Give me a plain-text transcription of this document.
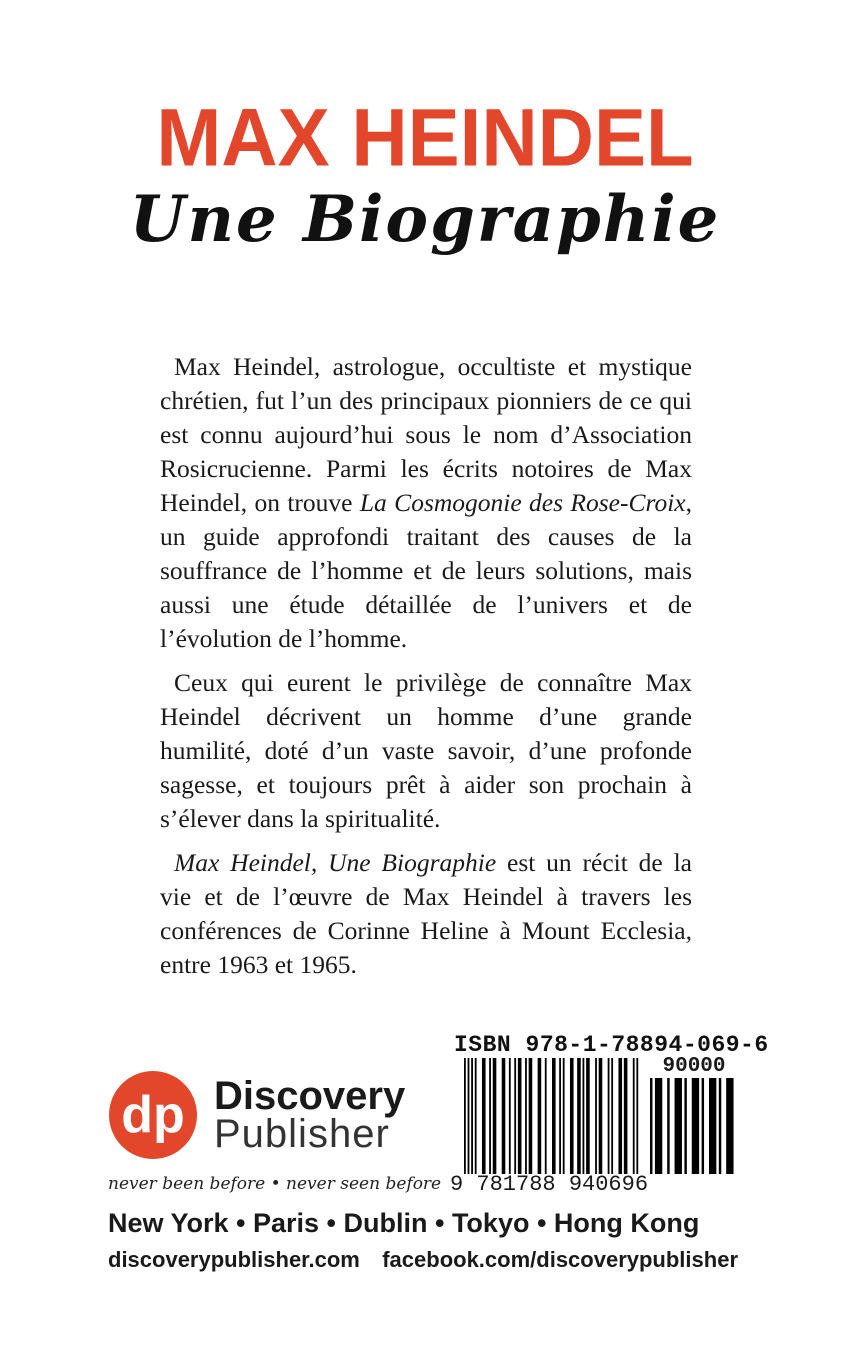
MAX HEINDEL
Une Biographie

Max Heindel, astrologue, occultiste et mystique chrétien, fut l’un des principaux pionniers de ce qui est connu aujourd’hui sous le nom d’Association Rosicrucienne. Parmi les écrits notoires de Max Heindel, on trouve La Cosmogonie des Rose-Croix, un guide approfondi traitant des causes de la souffrance de l’homme et de leurs solutions, mais aussi une étude détaillée de l’univers et de l’évolution de l’homme.

Ceux qui eurent le privilège de connaître Max Heindel décrivent un homme d’une grande humilité, doté d’un vaste savoir, d’une profonde sagesse, et toujours prêt à aider son prochain à s’élever dans la spiritualité.

Max Heindel, Une Biographie est un récit de la vie et de l’œuvre de Max Heindel à travers les conférences de Corinne Heline à Mount Ecclesia, entre 1963 et 1965.

dp Discovery
Publisher
never been before • never seen before
ISBN 978-1-78894-069-6
90000
9 781788 940696
New York • Paris • Dublin • Tokyo • Hong Kong
discoverypublisher.com facebook.com/discoverypublisher
